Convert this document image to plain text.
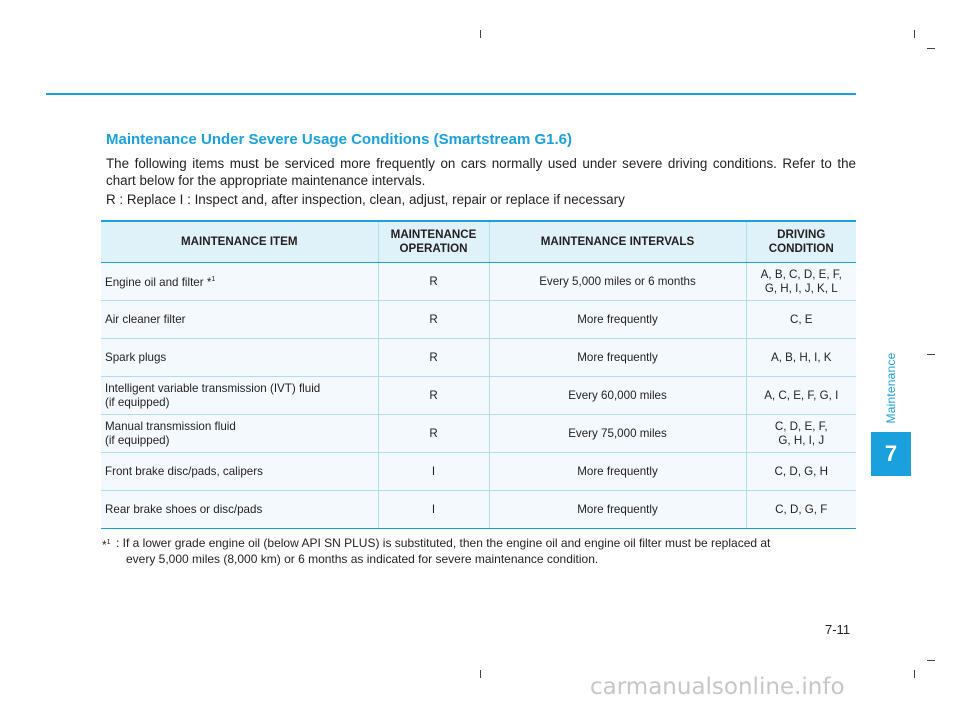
Maintenance
7
Maintenance Under Severe Usage Conditions (Smartstream G1.6)
The following items must be serviced more frequently on cars normally used under severe driving conditions. Refer to the chart below for the appropriate maintenance intervals.
R : Replace I : Inspect and, after inspection, clean, adjust, repair or replace if necessary
MAINTENANCE ITEM	MAINTENANCE
OPERATION	MAINTENANCE INTERVALS	DRIVING
CONDITION
Engine oil and filter *$^1$	R	Every 5,000 miles or 6 months	A, B, C, D, E, F,
G, H, I, J, K, L
Air cleaner filter	R	More frequently	C, E
Spark plugs	R	More frequently	A, B, H, I, K
Intelligent variable transmission (IVT) fluid
(if equipped)	R	Every 60,000 miles	A, C, E, F, G, I
Manual transmission fluid
(if equipped)	R	Every 75,000 miles	C, D, E, F,
G, H, I, J
Front brake disc/pads, calipers	I	More frequently	C, D, G, H
Rear brake shoes or disc/pads	I	More frequently	C, D, G, F
*$^1$ : If a lower grade engine oil (below API SN PLUS) is substituted, then the engine oil and engine oil filter must be replaced at
every 5,000 miles (8,000 km) or 6 months as indicated for severe maintenance condition.
7-11
carmanualsonline.info
